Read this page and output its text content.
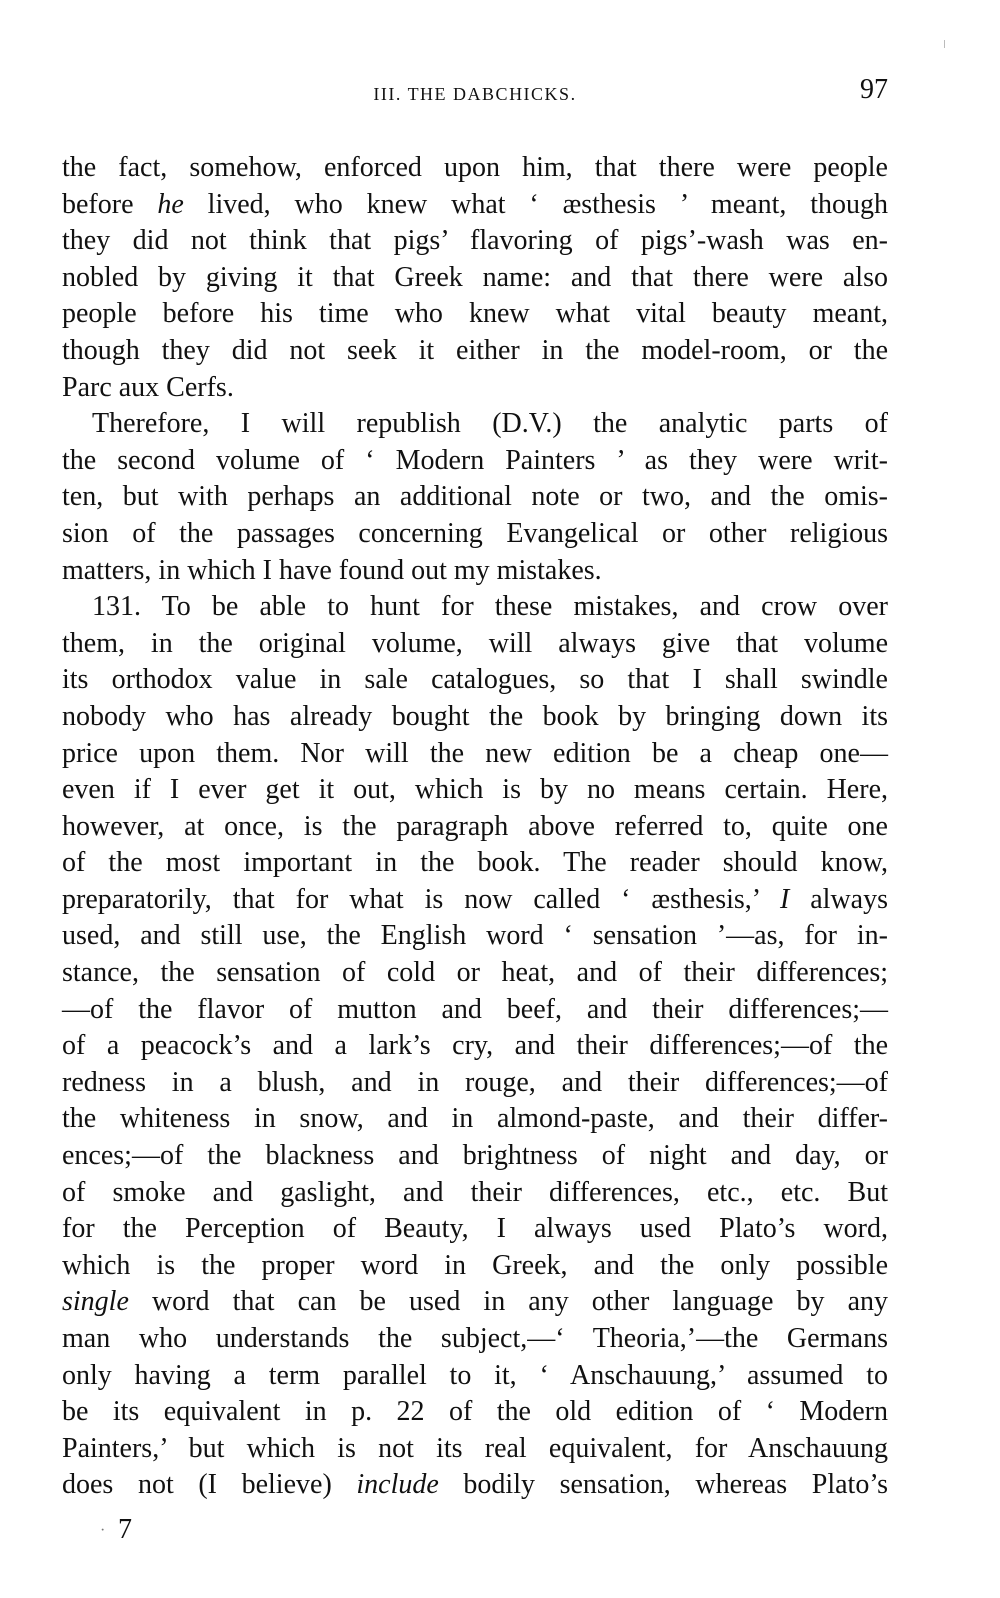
III. THE DABCHICKS.	97
the fact, somehow, enforced upon him, that there were people
before he lived, who knew what ‘ æsthesis ’ meant, though
they did not think that pigs’ flavoring of pigs’-wash was en-
nobled by giving it that Greek name: and that there were also
people before his time who knew what vital beauty meant,
though they did not seek it either in the model-room, or the
Parc aux Cerfs.
Therefore, I will republish (D.V.) the analytic parts of
the second volume of ‘ Modern Painters ’ as they were writ-
ten, but with perhaps an additional note or two, and the omis-
sion of the passages concerning Evangelical or other religious
matters, in which I have found out my mistakes.
131. To be able to hunt for these mistakes, and crow over
them, in the original volume, will always give that volume
its orthodox value in sale catalogues, so that I shall swindle
nobody who has already bought the book by bringing down its
price upon them. Nor will the new edition be a cheap one—
even if I ever get it out, which is by no means certain. Here,
however, at once, is the paragraph above referred to, quite one
of the most important in the book. The reader should know,
preparatorily, that for what is now called ‘ æsthesis,’ I always
used, and still use, the English word ‘ sensation ’—as, for in-
stance, the sensation of cold or heat, and of their differences;
—of the flavor of mutton and beef, and their differences;—
of a peacock’s and a lark’s cry, and their differences;—of the
redness in a blush, and in rouge, and their differences;—of
the whiteness in snow, and in almond-paste, and their differ-
ences;—of the blackness and brightness of night and day, or
of smoke and gaslight, and their differences, etc., etc. But
for the Perception of Beauty, I always used Plato’s word,
which is the proper word in Greek, and the only possible
single word that can be used in any other language by any
man who understands the subject,—‘ Theoria,’—the Germans
only having a term parallel to it, ‘ Anschauung,’ assumed to
be its equivalent in p. 22 of the old edition of ‘ Modern
Painters,’ but which is not its real equivalent, for Anschauung
does not (I believe) include bodily sensation, whereas Plato’s
· 7
